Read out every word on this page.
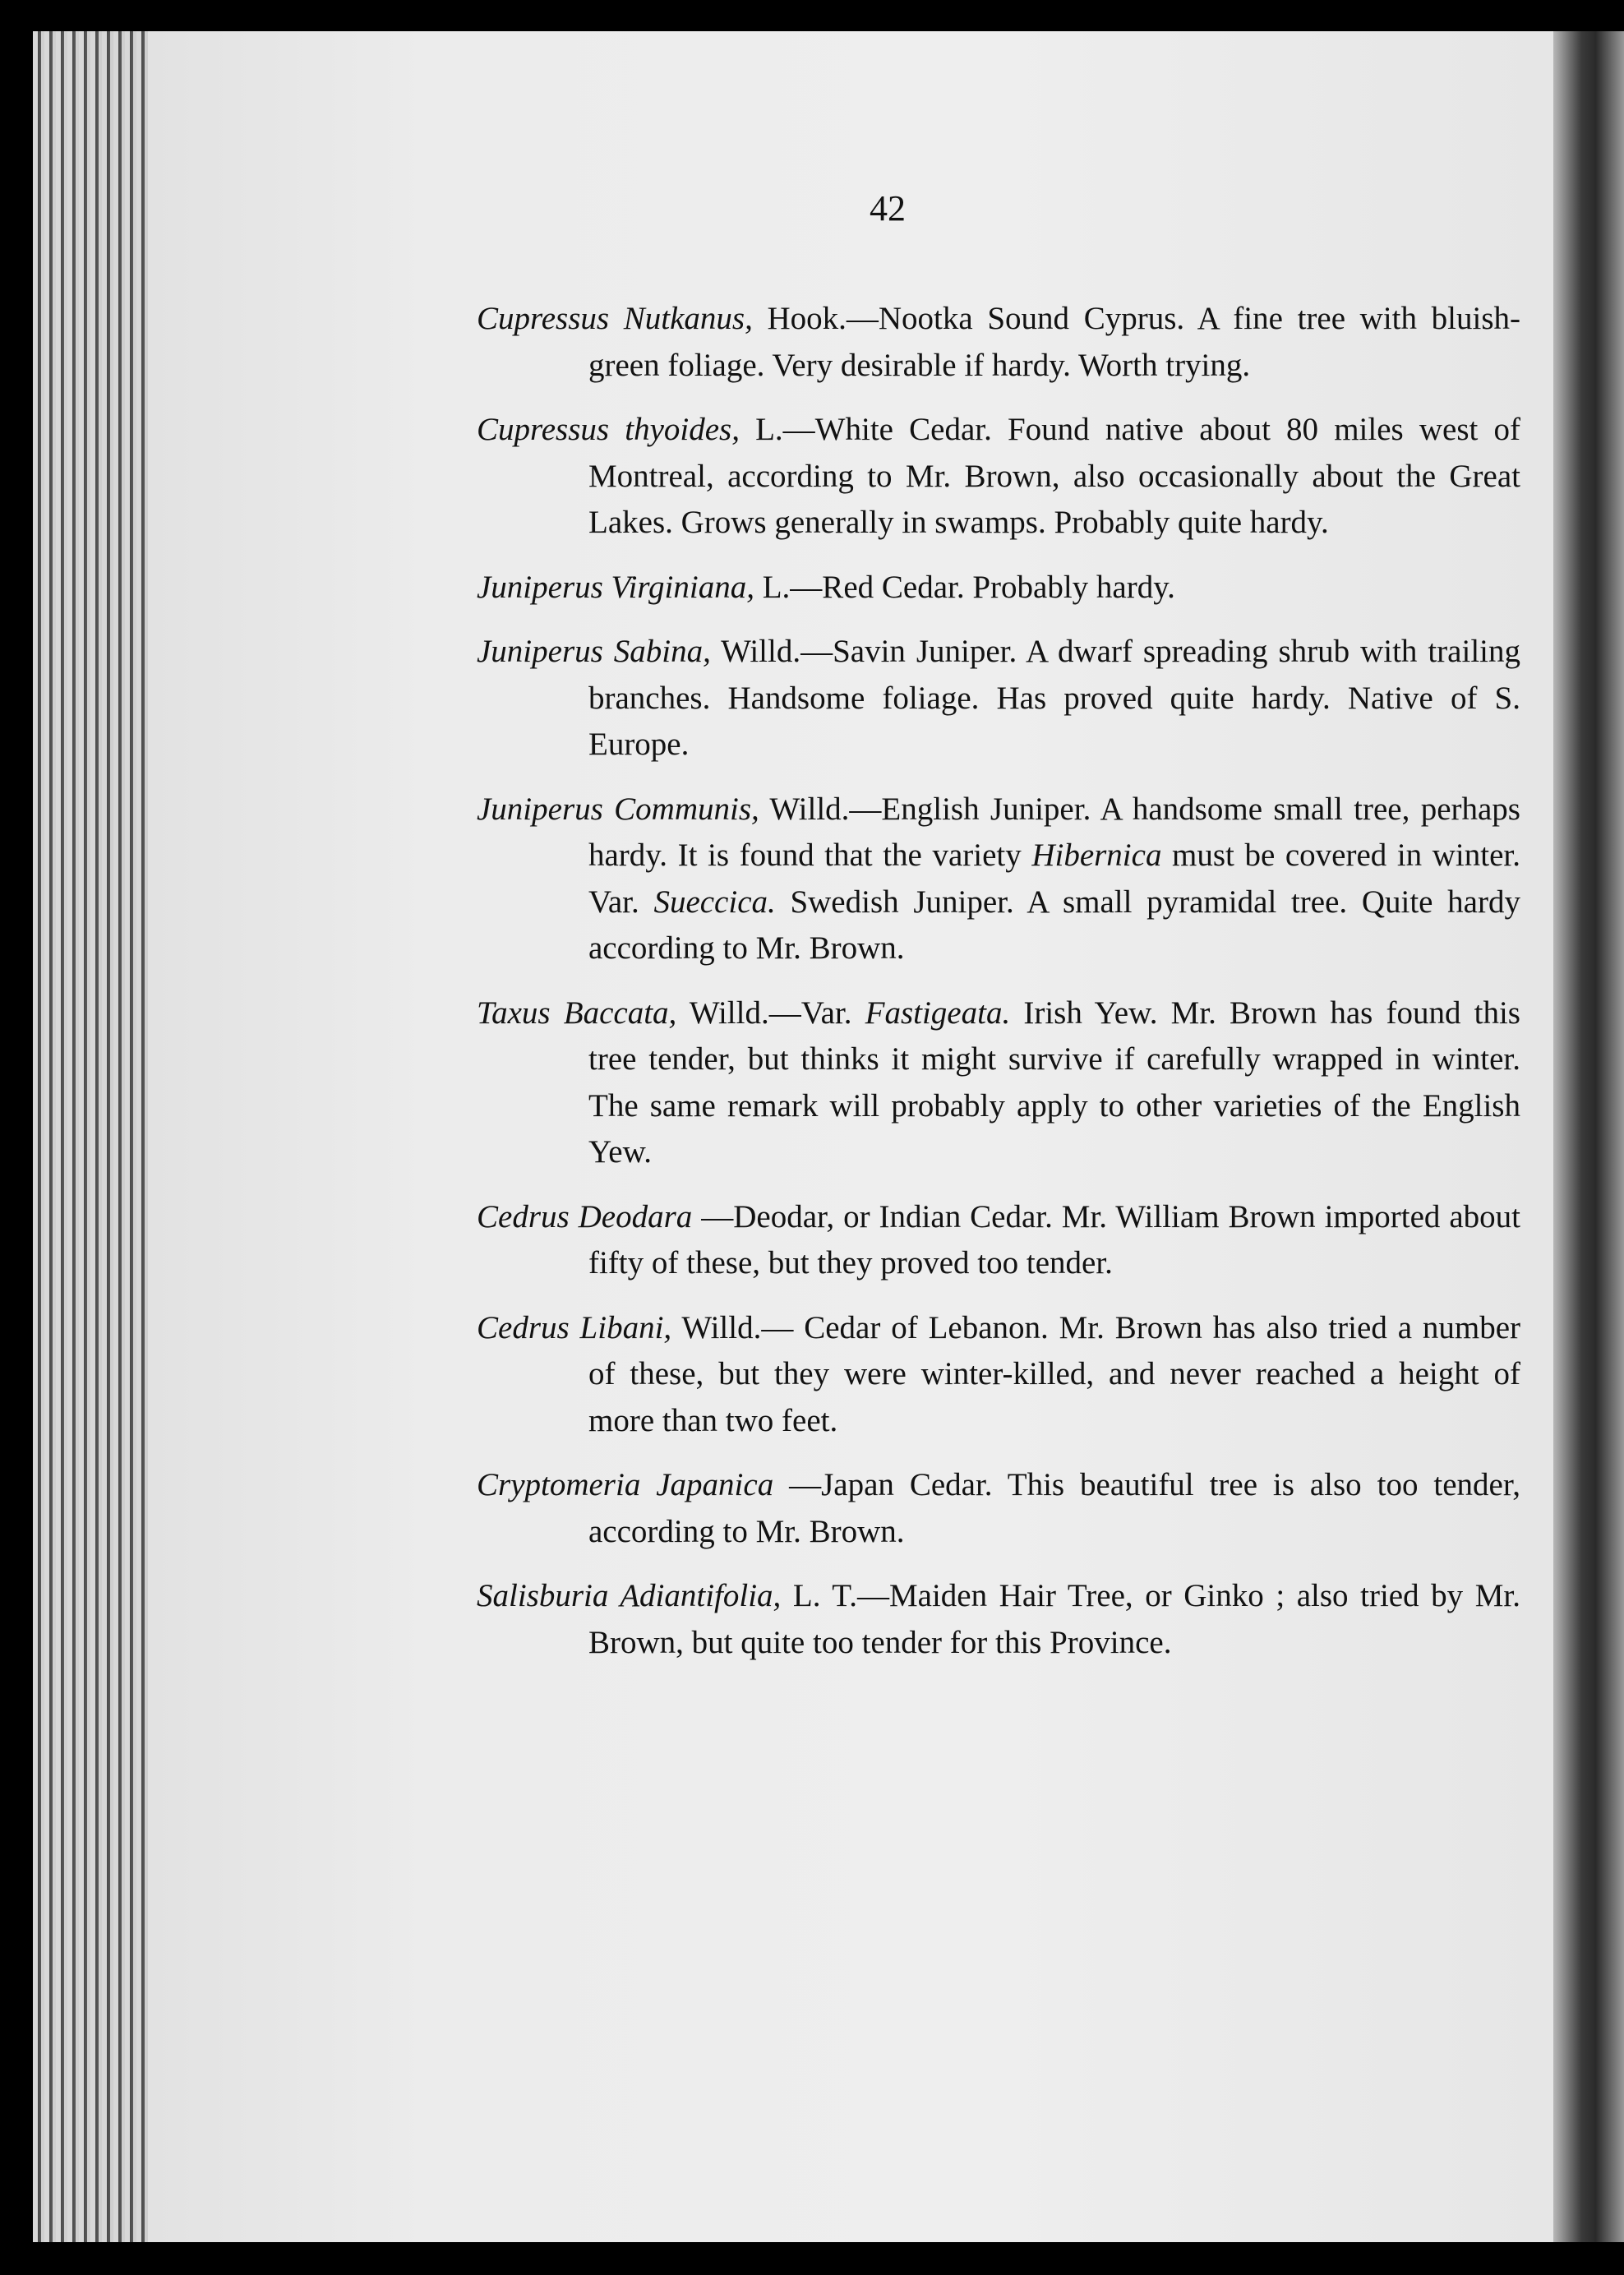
42

Cupressus Nutkanus, Hook.—Nootka Sound Cyprus. A fine tree with bluish-green foliage. Very desirable if hardy. Worth trying.

Cupressus thyoides, L.—White Cedar. Found native about 80 miles west of Montreal, according to Mr. Brown, also occasionally about the Great Lakes. Grows generally in swamps. Probably quite hardy.

Juniperus Virginiana, L.—Red Cedar. Probably hardy.

Juniperus Sabina, Willd.—Savin Juniper. A dwarf spreading shrub with trailing branches. Handsome foliage. Has proved quite hardy. Native of S. Europe.

Juniperus Communis, Willd.—English Juniper. A handsome small tree, perhaps hardy. It is found that the variety Hibernica must be covered in winter. Var. Sueccica. Swedish Juniper. A small pyramidal tree. Quite hardy according to Mr. Brown.

Taxus Baccata, Willd.—Var. Fastigeata. Irish Yew. Mr. Brown has found this tree tender, but thinks it might survive if carefully wrapped in winter. The same remark will probably apply to other varieties of the English Yew.

Cedrus Deodara —Deodar, or Indian Cedar. Mr. William Brown imported about fifty of these, but they proved too tender.

Cedrus Libani, Willd.— Cedar of Lebanon. Mr. Brown has also tried a number of these, but they were winter-killed, and never reached a height of more than two feet.

Cryptomeria Japanica —Japan Cedar. This beautiful tree is also too tender, according to Mr. Brown.

Salisburia Adiantifolia, L. T.—Maiden Hair Tree, or Ginko ; also tried by Mr. Brown, but quite too tender for this Province.
